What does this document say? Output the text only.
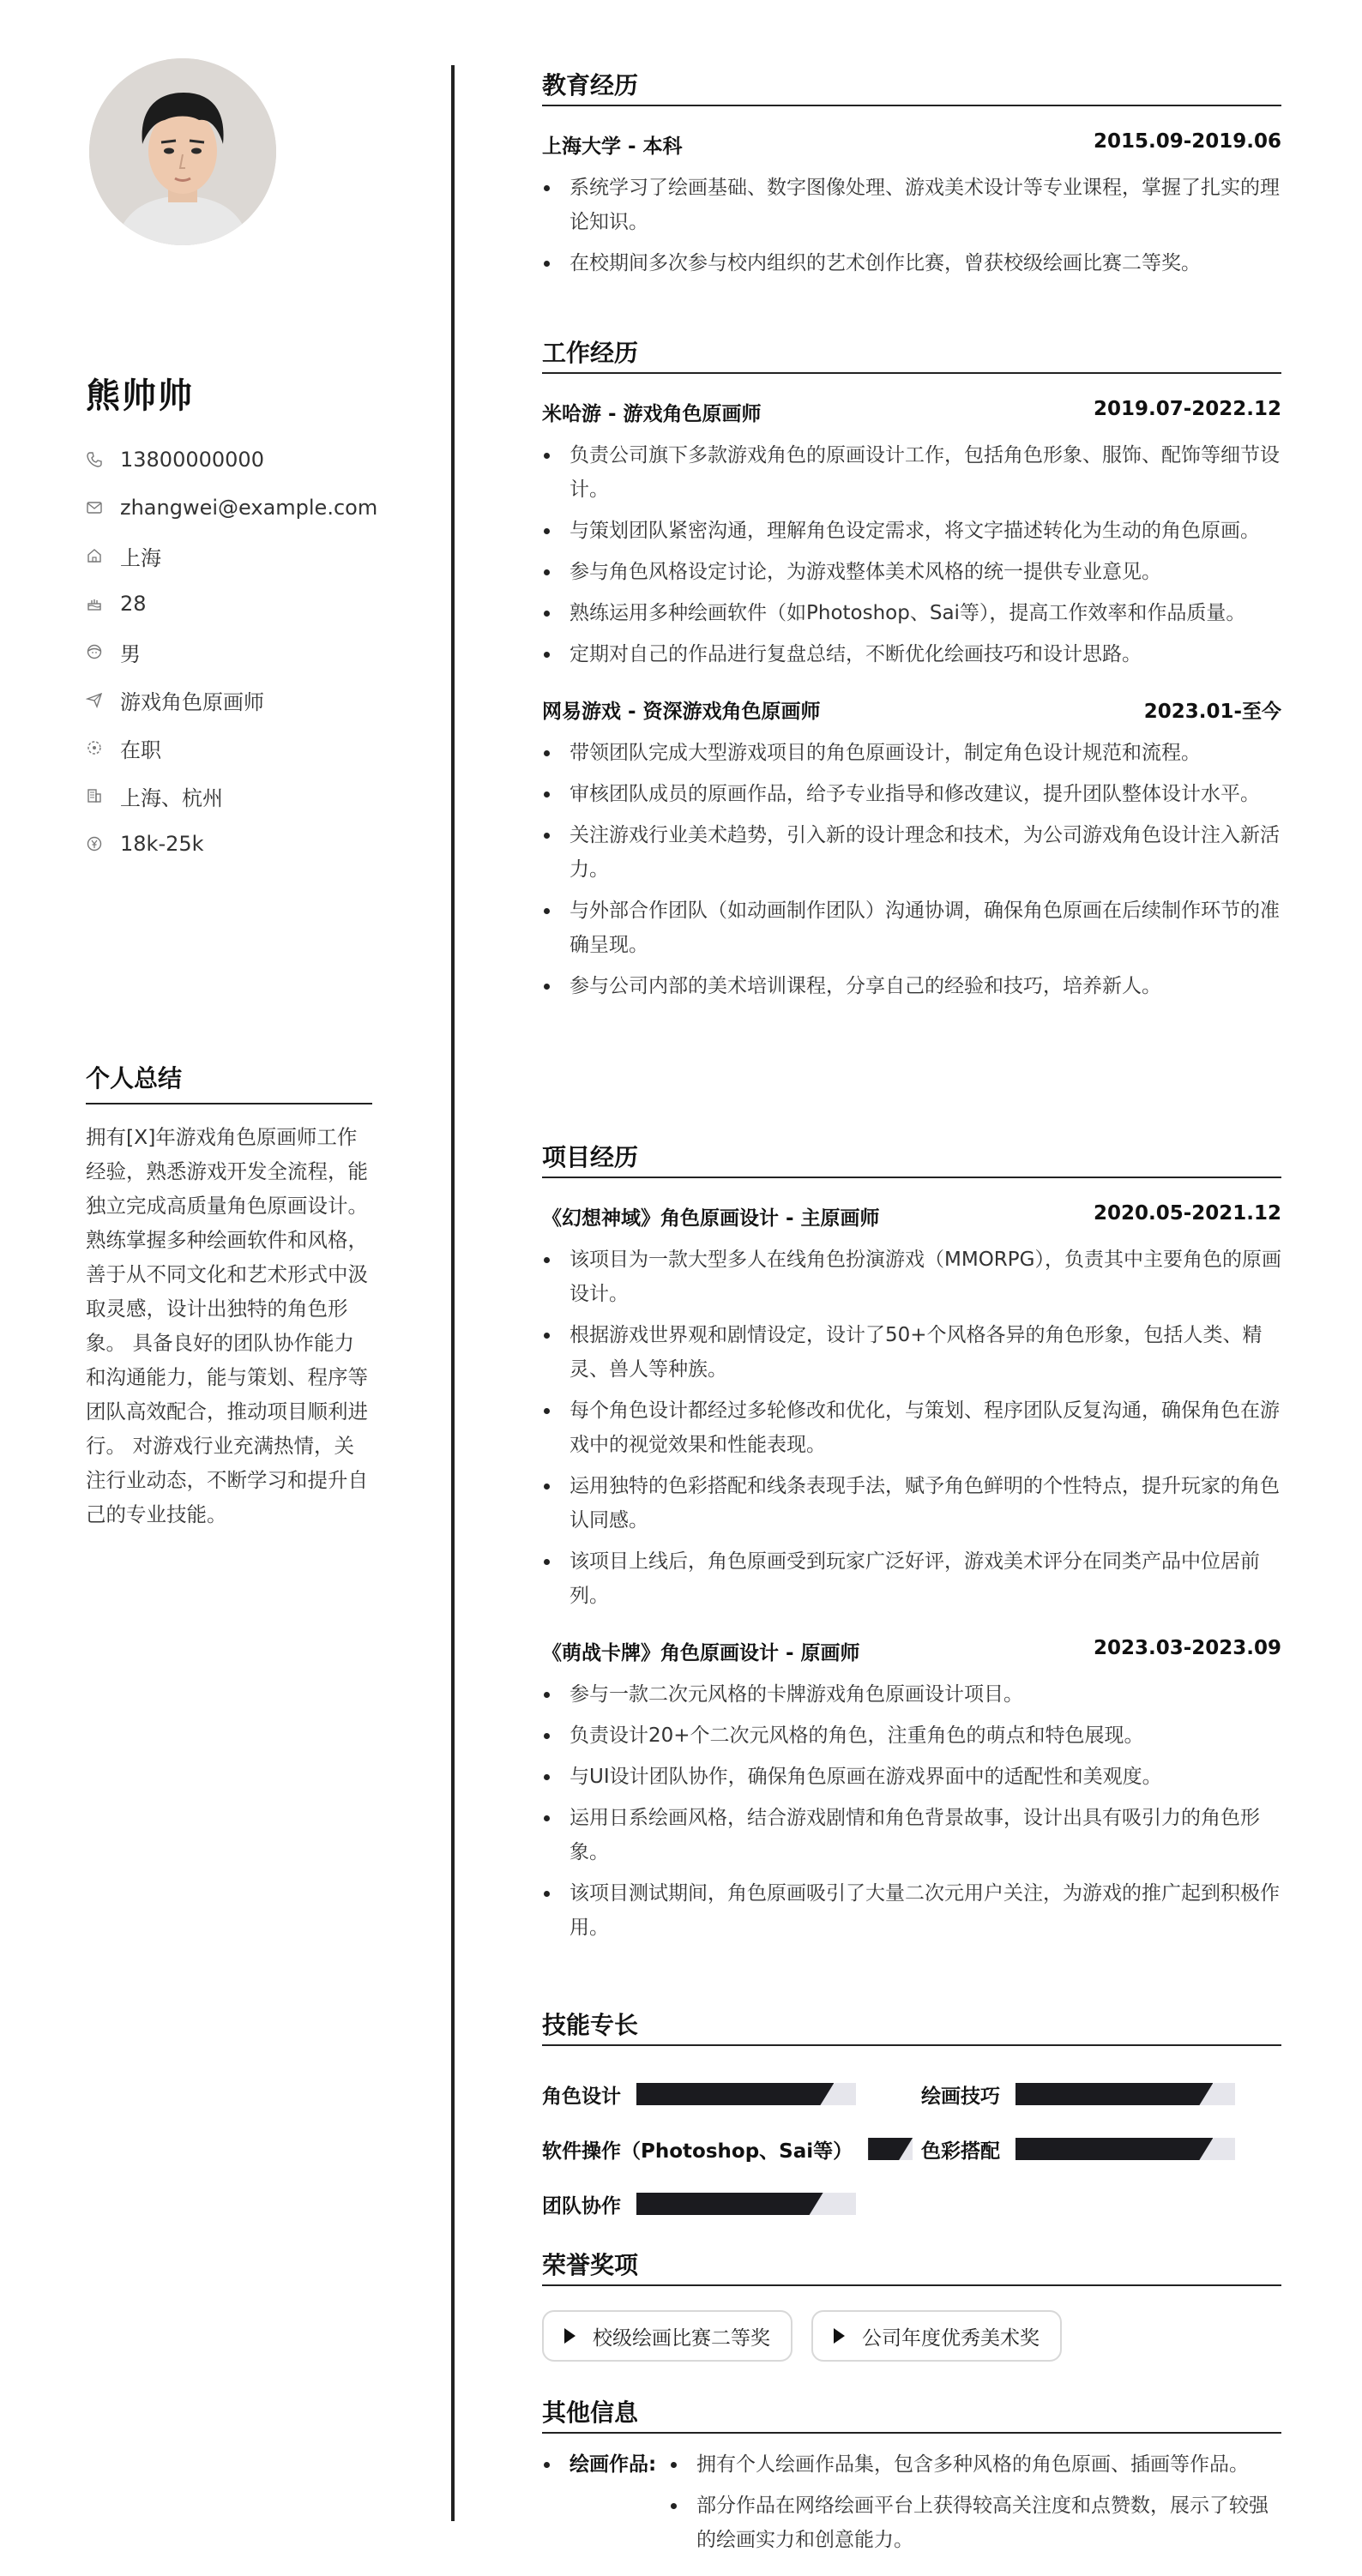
熊帅帅
13800000000
zhangwei@example.com
上海
28
男
游戏角色原画师
在职
上海、杭州
18k-25k
个人总结
拥有[X]年游戏角色原画师工作经验，熟悉游戏开发全流程，能独立完成高质量角色原画设计。 熟练掌握多种绘画软件和风格，善于从不同文化和艺术形式中汲取灵感，设计出独特的角色形象。 具备良好的团队协作能力和沟通能力，能与策划、程序等团队高效配合，推动项目顺利进行。 对游戏行业充满热情，关注行业动态，不断学习和提升自己的专业技能。
教育经历
上海大学 - 本科	2015.09-2019.06
系统学习了绘画基础、数字图像处理、游戏美术设计等专业课程，掌握了扎实的理论知识。
在校期间多次参与校内组织的艺术创作比赛，曾获校级绘画比赛二等奖。
工作经历
米哈游 - 游戏角色原画师	2019.07-2022.12
负责公司旗下多款游戏角色的原画设计工作，包括角色形象、服饰、配饰等细节设计。
与策划团队紧密沟通，理解角色设定需求，将文字描述转化为生动的角色原画。
参与角色风格设定讨论，为游戏整体美术风格的统一提供专业意见。
熟练运用多种绘画软件（如Photoshop、Sai等），提高工作效率和作品质量。
定期对自己的作品进行复盘总结，不断优化绘画技巧和设计思路。
网易游戏 - 资深游戏角色原画师	2023.01-至今
带领团队完成大型游戏项目的角色原画设计，制定角色设计规范和流程。
审核团队成员的原画作品，给予专业指导和修改建议，提升团队整体设计水平。
关注游戏行业美术趋势，引入新的设计理念和技术，为公司游戏角色设计注入新活力。
与外部合作团队（如动画制作团队）沟通协调，确保角色原画在后续制作环节的准确呈现。
参与公司内部的美术培训课程，分享自己的经验和技巧，培养新人。
项目经历
《幻想神域》角色原画设计 - 主原画师	2020.05-2021.12
该项目为一款大型多人在线角色扮演游戏（MMORPG），负责其中主要角色的原画设计。
根据游戏世界观和剧情设定，设计了50+个风格各异的角色形象，包括人类、精灵、兽人等种族。
每个角色设计都经过多轮修改和优化，与策划、程序团队反复沟通，确保角色在游戏中的视觉效果和性能表现。
运用独特的色彩搭配和线条表现手法，赋予角色鲜明的个性特点，提升玩家的角色认同感。
该项目上线后，角色原画受到玩家广泛好评，游戏美术评分在同类产品中位居前列。
《萌战卡牌》角色原画设计 - 原画师	2023.03-2023.09
参与一款二次元风格的卡牌游戏角色原画设计项目。
负责设计20+个二次元风格的角色，注重角色的萌点和特色展现。
与UI设计团队协作，确保角色原画在游戏界面中的适配性和美观度。
运用日系绘画风格，结合游戏剧情和角色背景故事，设计出具有吸引力的角色形象。
该项目测试期间，角色原画吸引了大量二次元用户关注，为游戏的推广起到积极作用。
技能专长
角色设计	绘画技巧
软件操作（Photoshop、Sai等）	色彩搭配
团队协作
荣誉奖项
校级绘画比赛二等奖	公司年度优秀美术奖
其他信息
绘画作品:	拥有个人绘画作品集，包含多种风格的角色原画、插画等作品。
部分作品在网络绘画平台上获得较高关注度和点赞数，展示了较强的绘画实力和创意能力。
